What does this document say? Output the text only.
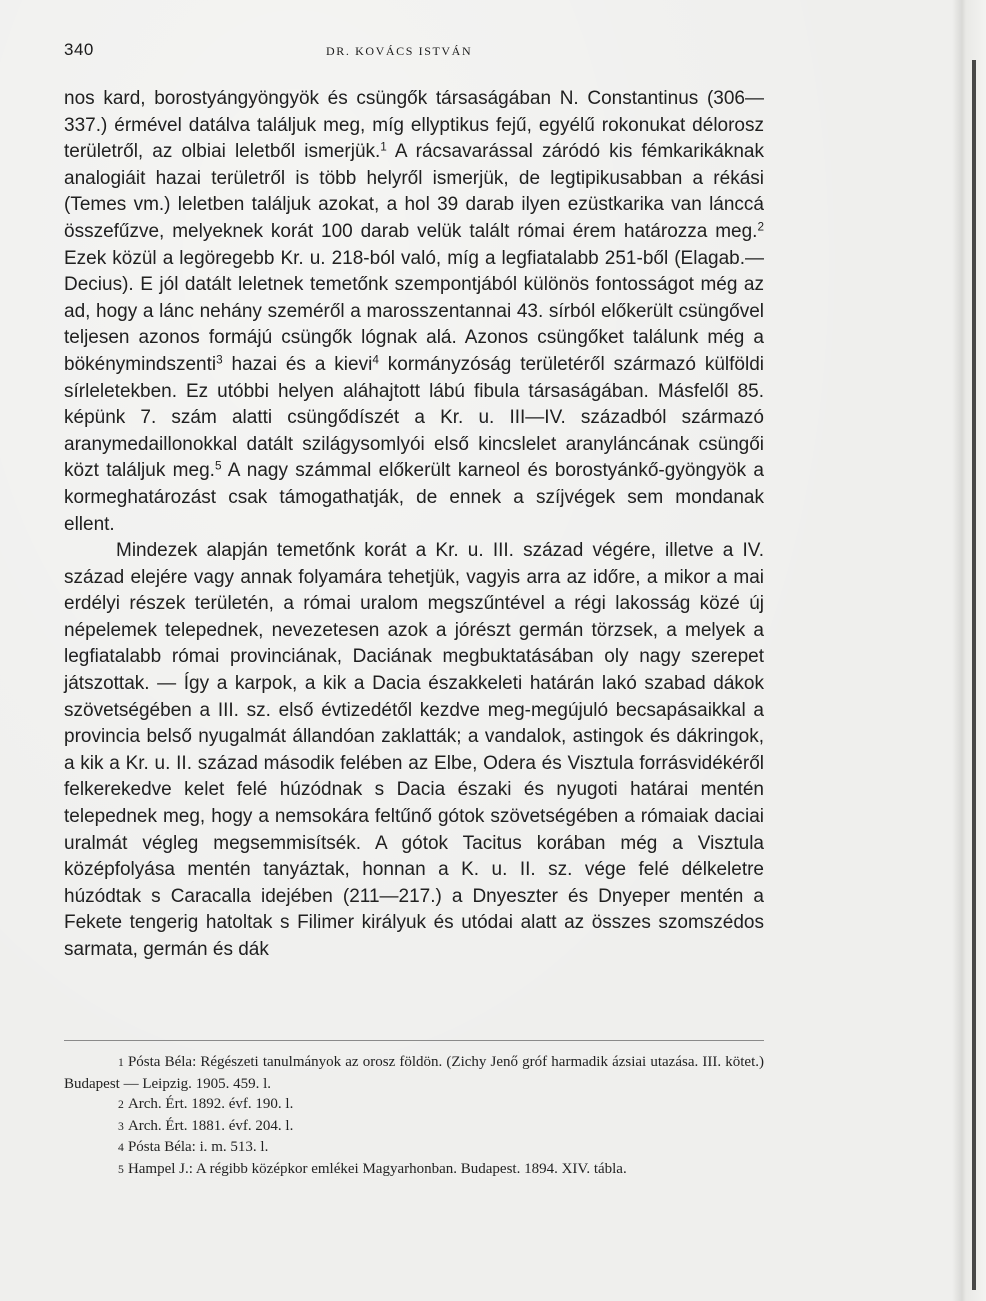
340	DR. KOVÁCS ISTVÁN

nos kard, borostyángyöngyök és csüngők társaságában N. Constantinus (306—337.) érmével datálva találjuk meg, míg ellyptikus fejű, egyélű rokonukat délorosz területről, az olbiai leletből ismerjük.$^1$ A rácsavarással záródó kis fémkarikáknak analogiáit hazai területről is több helyről ismerjük, de legtipikusabban a rékási (Temes vm.) leletben találjuk azokat, a hol 39 darab ilyen ezüstkarika van lánccá összefűzve, melyeknek korát 100 darab velük talált római érem határozza meg.$^2$ Ezek közül a legöregebb Kr. u. 218-ból való, míg a legfiatalabb 251-ből (Elagab.—Decius). E jól datált leletnek temetőnk szempontjából különös fontosságot még az ad, hogy a lánc nehány szeméről a marosszentannai 43. sírból előkerült csüngővel teljesen azonos formájú csüngők lógnak alá. Azonos csüngőket találunk még a bökénymindszenti$^3$ hazai és a kievi$^4$ kormányzóság területéről származó külföldi sírleletekben. Ez utóbbi helyen aláhajtott lábú fibula társaságában. Másfelől 85. képünk 7. szám alatti csüngődíszét a Kr. u. III—IV. századból származó aranymedaillonokkal datált szilágysomlyói első kincslelet aranyláncának csüngői közt találjuk meg.$^5$ A nagy számmal előkerült karneol és borostyánkő-gyöngyök a kormeghatározást csak támogathatják, de ennek a szíjvégek sem mondanak ellent.

Mindezek alapján temetőnk korát a Kr. u. III. század végére, illetve a IV. század elejére vagy annak folyamára tehetjük, vagyis arra az időre, a mikor a mai erdélyi részek területén, a római uralom megszűntével a régi lakosság közé új népelemek telepednek, nevezetesen azok a jórészt germán törzsek, a melyek a legfiatalabb római provinciának, Daciának megbuktatásában oly nagy szerepet játszottak. — Így a karpok, a kik a Dacia északkeleti határán lakó szabad dákok szövetségében a III. sz. első évtizedétől kezdve meg-megújuló becsapásaikkal a provincia belső nyugalmát állandóan zaklatták; a vandalok, astingok és dákringok, a kik a Kr. u. II. század második felében az Elbe, Odera és Visztula forrásvidékéről felkerekedve kelet felé húzódnak s Dacia északi és nyugoti határai mentén telepednek meg, hogy a nemsokára feltűnő gótok szövetségében a rómaiak daciai uralmát végleg megsemmisítsék. A gótok Tacitus korában még a Visztula középfolyása mentén tanyáztak, honnan a K. u. II. sz. vége felé délkeletre húzódtak s Caracalla idejében (211—217.) a Dnyeszter és Dnyeper mentén a Fekete tengerig hatoltak s Filimer királyuk és utódai alatt az összes szomszédos sarmata, germán és dák

1 Pósta Béla: Régészeti tanulmányok az orosz földön. (Zichy Jenő gróf harmadik ázsiai utazása. III. kötet.) Budapest — Leipzig. 1905. 459. l.

2 Arch. Ért. 1892. évf. 190. l.

3 Arch. Ért. 1881. évf. 204. l.

4 Pósta Béla: i. m. 513. l.

5 Hampel J.: A régibb középkor emlékei Magyarhonban. Budapest. 1894. XIV. tábla.
